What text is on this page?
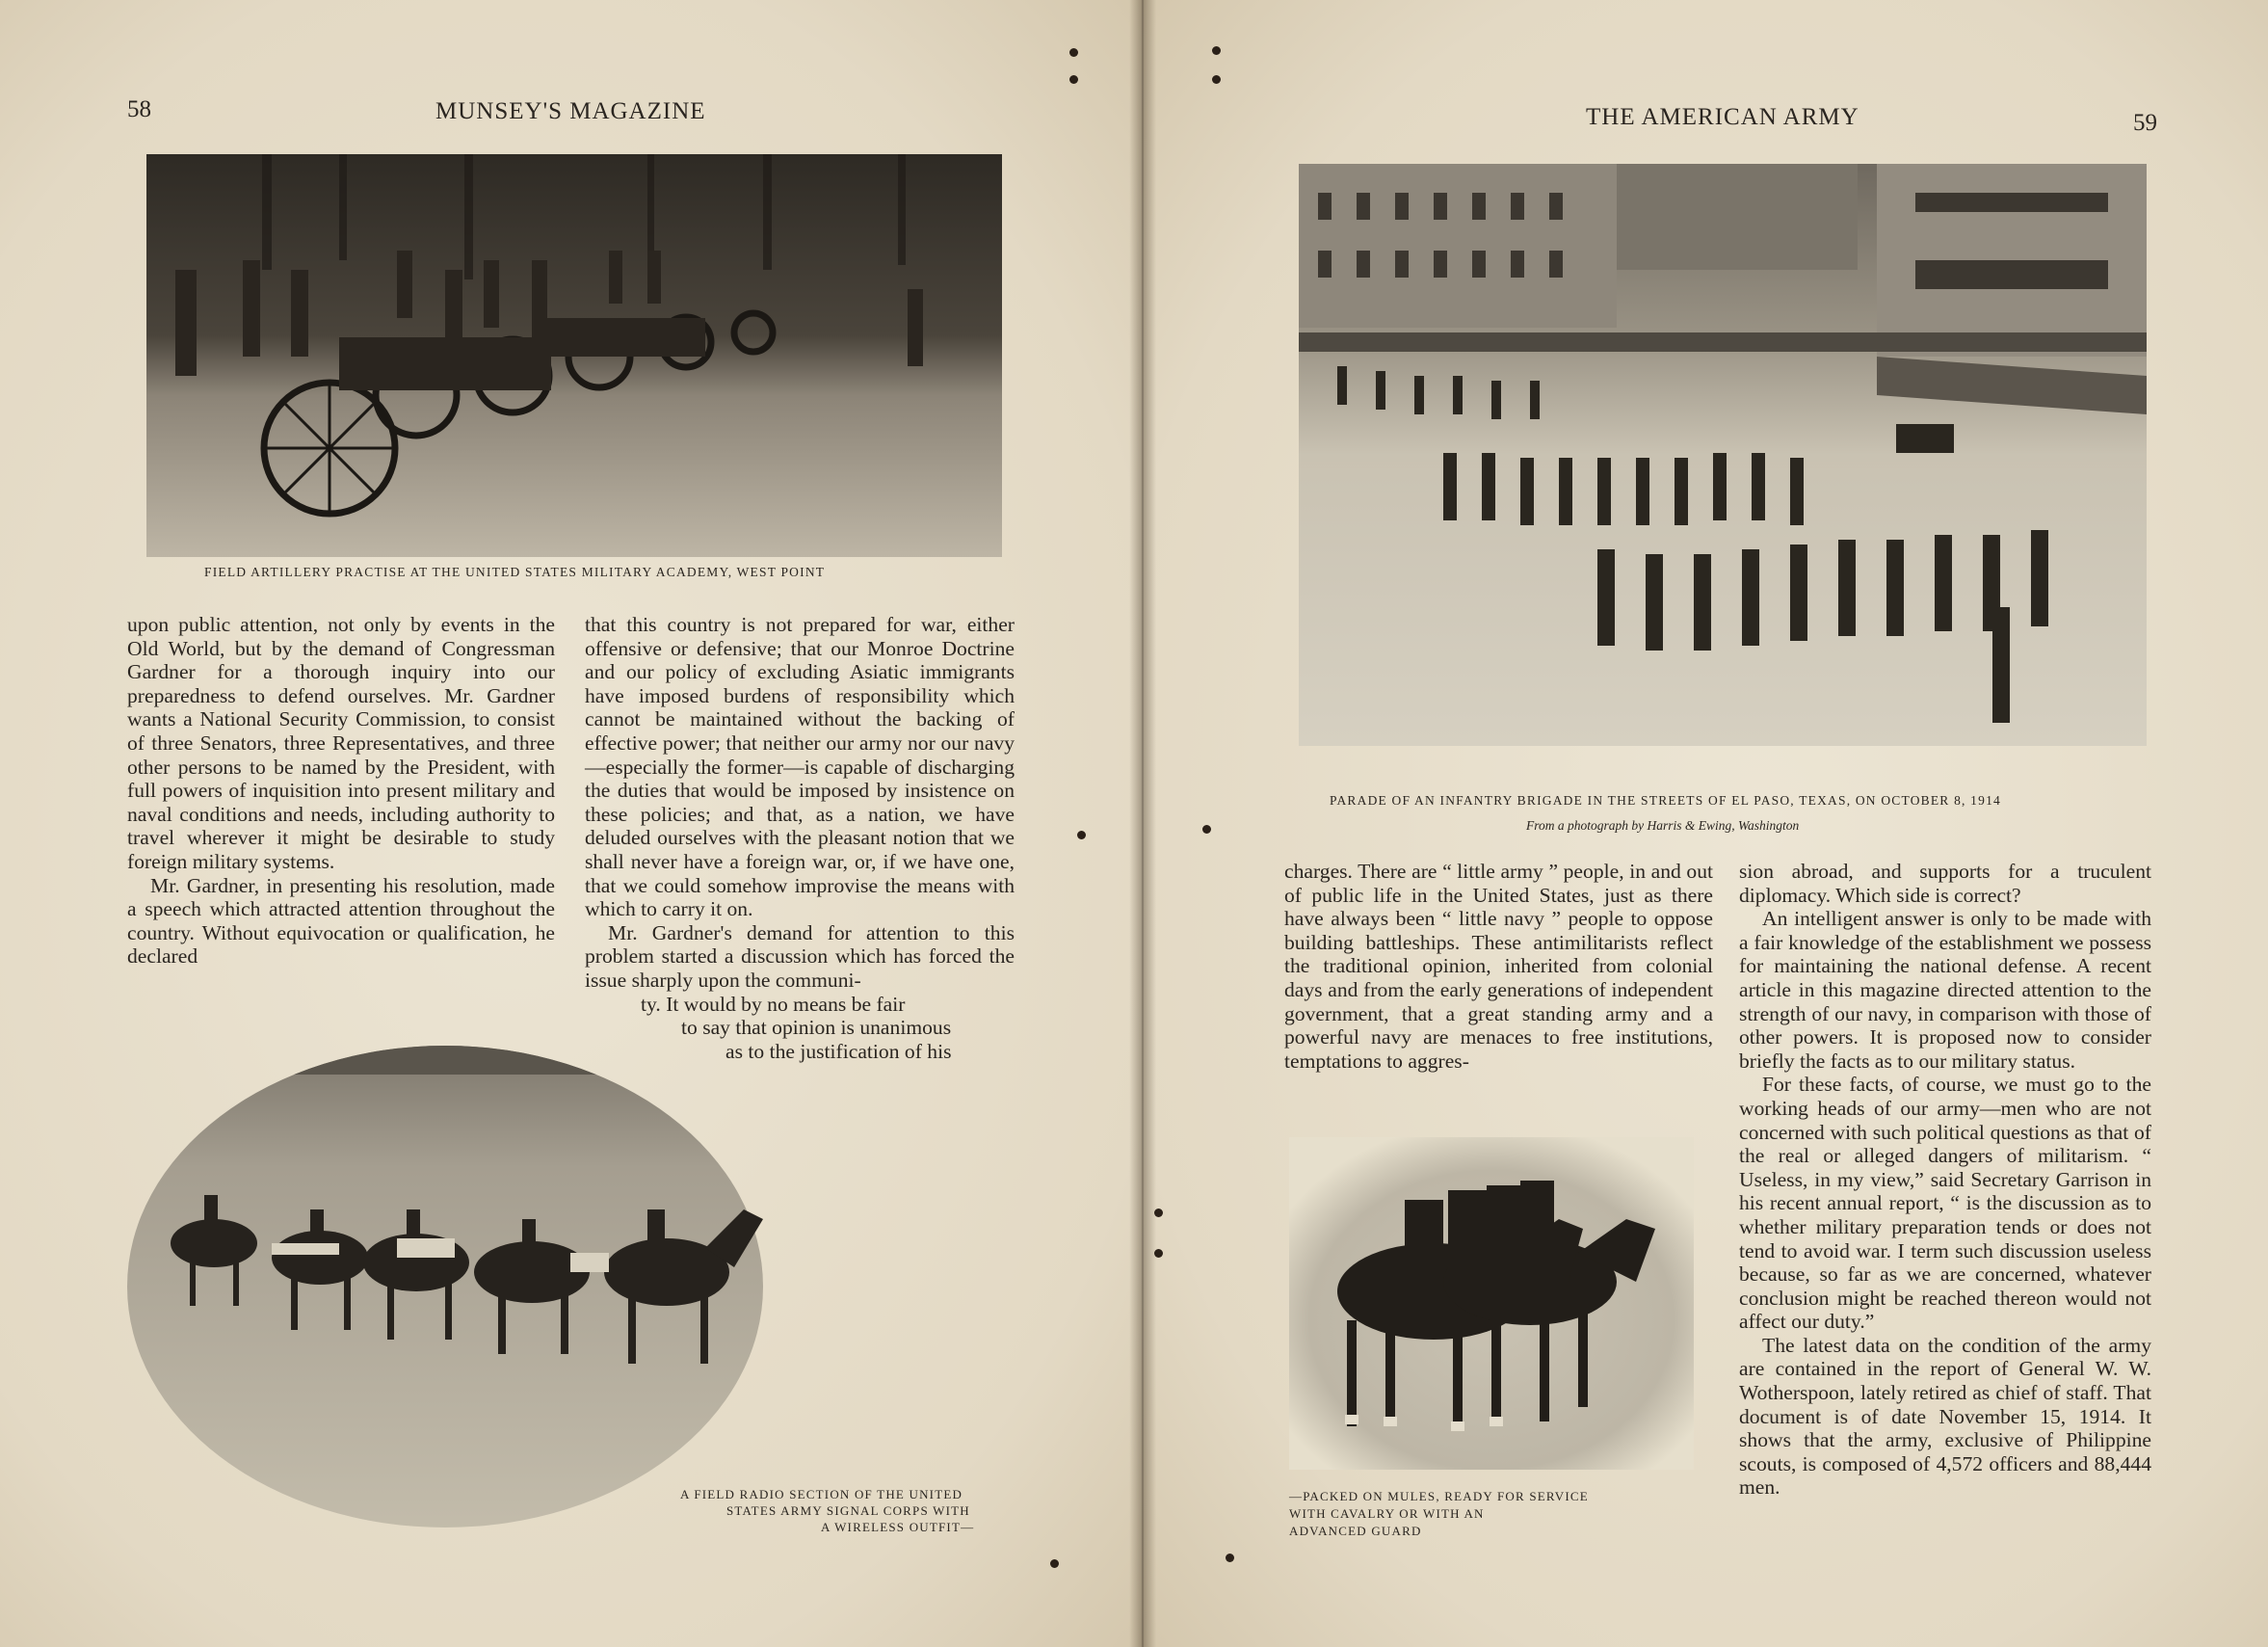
58	MUNSEY'S MAGAZINE
FIELD ARTILLERY PRACTISE AT THE UNITED STATES MILITARY ACADEMY, WEST POINT

upon public attention, not only by events in the Old World, but by the demand of Congressman Gardner for a thorough inquiry into our preparedness to defend ourselves. Mr. Gardner wants a National Security Commission, to consist of three Senators, three Representatives, and three other persons to be named by the President, with full powers of inquisition into present military and naval conditions and needs, including authority to travel wherever it might be desirable to study foreign military systems.

Mr. Gardner, in presenting his resolution, made a speech which attracted attention throughout the country. Without equivocation or qualification, he declared

that this country is not prepared for war, either offensive or defensive; that our Monroe Doctrine and our policy of excluding Asiatic immigrants have imposed burdens of responsibility which cannot be maintained without the backing of effective power; that neither our army nor our navy —especially the former—is capable of discharging the duties that would be imposed by insistence on these policies; and that, as a nation, we have deluded ourselves with the pleasant notion that we shall never have a foreign war, or, if we have one, that we could somehow improvise the means with which to carry it on.

Mr. Gardner's demand for attention to this problem started a discussion which has forced the issue sharply upon the communi-

ty. It would by no means be fair

to say that opinion is unanimous

as to the justification of his

A FIELD RADIO SECTION OF THE UNITED
STATES ARMY SIGNAL CORPS WITH
A WIRELESS OUTFIT—
THE AMERICAN ARMY	59
PARADE OF AN INFANTRY BRIGADE IN THE STREETS OF EL PASO, TEXAS, ON OCTOBER 8, 1914
From a photograph by Harris & Ewing, Washington

charges. There are “ little army ” people, in and out of public life in the United States, just as there have always been “ little navy ” people to oppose building battleships. These antimilitarists reflect the traditional opinion, inherited from colonial days and from the early generations of independent government, that a great standing army and a powerful navy are menaces to free institutions, temptations to aggres-

sion abroad, and supports for a truculent diplomacy. Which side is correct?

An intelligent answer is only to be made with a fair knowledge of the establishment we possess for maintaining the national defense. A recent article in this magazine directed attention to the strength of our navy, in comparison with those of other powers. It is proposed now to consider briefly the facts as to our military status.

For these facts, of course, we must go to the working heads of our army—men who are not concerned with such political questions as that of the real or alleged dangers of militarism. “ Useless, in my view,” said Secretary Garrison in his recent annual report, “ is the discussion as to whether military preparation tends or does not tend to avoid war. I term such discussion useless because, so far as we are concerned, whatever conclusion might be reached thereon would not affect our duty.”

The latest data on the condition of the army are contained in the report of General W. W. Wotherspoon, lately retired as chief of staff. That document is of date November 15, 1914. It shows that the army, exclusive of Philippine scouts, is composed of 4,572 officers and 88,444 men.

—PACKED ON MULES, READY FOR SERVICE
WITH CAVALRY OR WITH AN
ADVANCED GUARD
